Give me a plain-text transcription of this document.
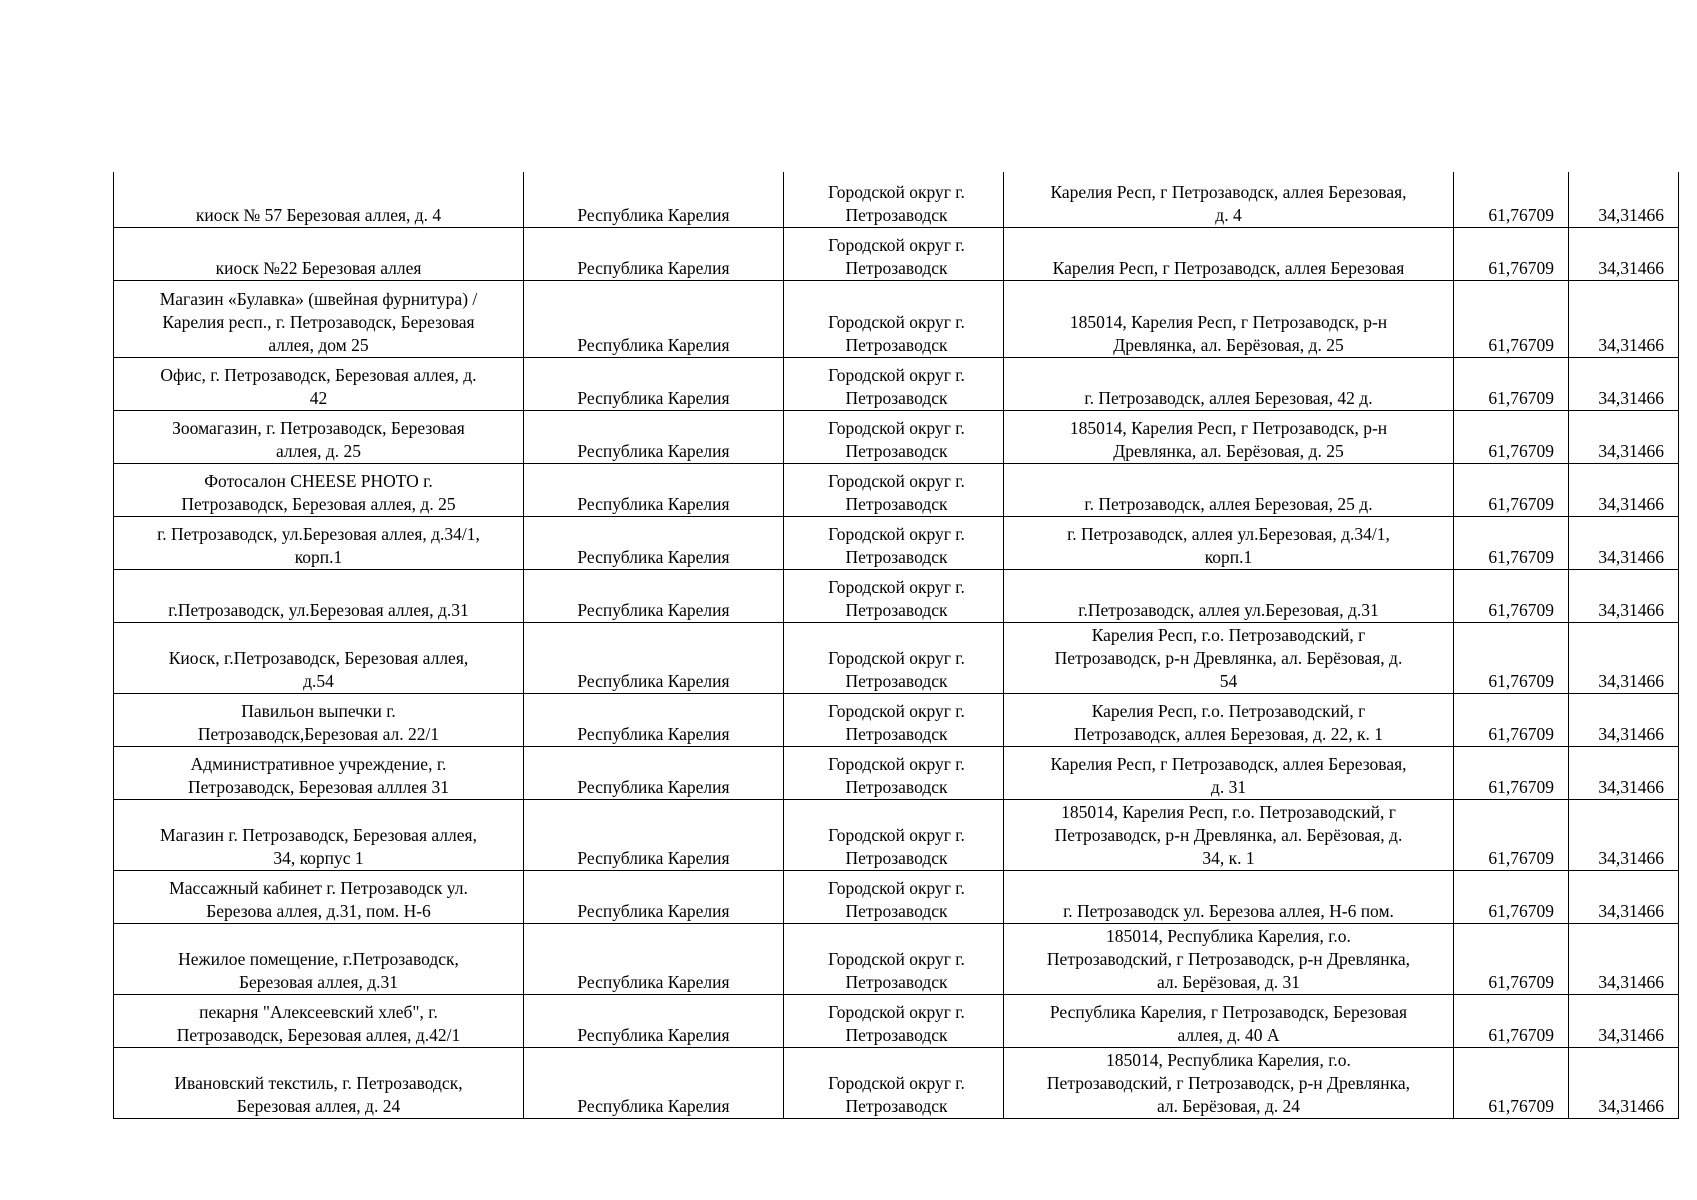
киоск № 57 Березовая аллея, д. 4	Республика Карелия	Городской округ г.
Петрозаводск	Карелия Респ, г Петрозаводск, аллея Березовая,
д. 4	61,76709	34,31466
киоск №22 Березовая аллея	Республика Карелия	Городской округ г.
Петрозаводск	Карелия Респ, г Петрозаводск, аллея Березовая	61,76709	34,31466
Магазин «Булавка» (швейная фурнитура) /
Карелия респ., г. Петрозаводск, Березовая
аллея, дом 25	Республика Карелия	Городской округ г.
Петрозаводск	185014, Карелия Респ, г Петрозаводск, р-н
Древлянка, ал. Берёзовая, д. 25	61,76709	34,31466
Офис, г. Петрозаводск, Березовая аллея, д.
42	Республика Карелия	Городской округ г.
Петрозаводск	г. Петрозаводск, аллея Березовая, 42 д.	61,76709	34,31466
Зоомагазин, г. Петрозаводск, Березовая
аллея, д. 25	Республика Карелия	Городской округ г.
Петрозаводск	185014, Карелия Респ, г Петрозаводск, р-н
Древлянка, ал. Берёзовая, д. 25	61,76709	34,31466
Фотосалон CHEESE PHOTO г.
Петрозаводск, Березовая аллея, д. 25	Республика Карелия	Городской округ г.
Петрозаводск	г. Петрозаводск, аллея Березовая, 25 д.	61,76709	34,31466
г. Петрозаводск, ул.Березовая аллея, д.34/1,
корп.1	Республика Карелия	Городской округ г.
Петрозаводск	г. Петрозаводск, аллея ул.Березовая, д.34/1,
корп.1	61,76709	34,31466
г.Петрозаводск, ул.Березовая аллея, д.31	Республика Карелия	Городской округ г.
Петрозаводск	г.Петрозаводск, аллея ул.Березовая, д.31	61,76709	34,31466
Киоск, г.Петрозаводск, Березовая аллея,
д.54	Республика Карелия	Городской округ г.
Петрозаводск	Карелия Респ, г.о. Петрозаводский, г
Петрозаводск, р-н Древлянка, ал. Берёзовая, д.
54	61,76709	34,31466
Павильон выпечки г.
Петрозаводск,Березовая ал. 22/1	Республика Карелия	Городской округ г.
Петрозаводск	Карелия Респ, г.о. Петрозаводский, г
Петрозаводск, аллея Березовая, д. 22, к. 1	61,76709	34,31466
Административное учреждение, г.
Петрозаводск, Березовая алллея 31	Республика Карелия	Городской округ г.
Петрозаводск	Карелия Респ, г Петрозаводск, аллея Березовая,
д. 31	61,76709	34,31466
Магазин г. Петрозаводск, Березовая аллея,
34, корпус 1	Республика Карелия	Городской округ г.
Петрозаводск	185014, Карелия Респ, г.о. Петрозаводский, г
Петрозаводск, р-н Древлянка, ал. Берёзовая, д.
34, к. 1	61,76709	34,31466
Массажный кабинет г. Петрозаводск ул.
Березова аллея, д.31, пом. Н-6	Республика Карелия	Городской округ г.
Петрозаводск	г. Петрозаводск ул. Березова аллея, Н-6 пом.	61,76709	34,31466
Нежилое помещение, г.Петрозаводск,
Березовая аллея, д.31	Республика Карелия	Городской округ г.
Петрозаводск	185014, Республика Карелия, г.о.
Петрозаводский, г Петрозаводск, р-н Древлянка,
ал. Берёзовая, д. 31	61,76709	34,31466
пекарня "Алексеевский хлеб", г.
Петрозаводск, Березовая аллея, д.42/1	Республика Карелия	Городской округ г.
Петрозаводск	Республика Карелия, г Петрозаводск, Березовая
аллея, д. 40 А	61,76709	34,31466
Ивановский текстиль, г. Петрозаводск,
Березовая аллея, д. 24	Республика Карелия	Городской округ г.
Петрозаводск	185014, Республика Карелия, г.о.
Петрозаводский, г Петрозаводск, р-н Древлянка,
ал. Берёзовая, д. 24	61,76709	34,31466
